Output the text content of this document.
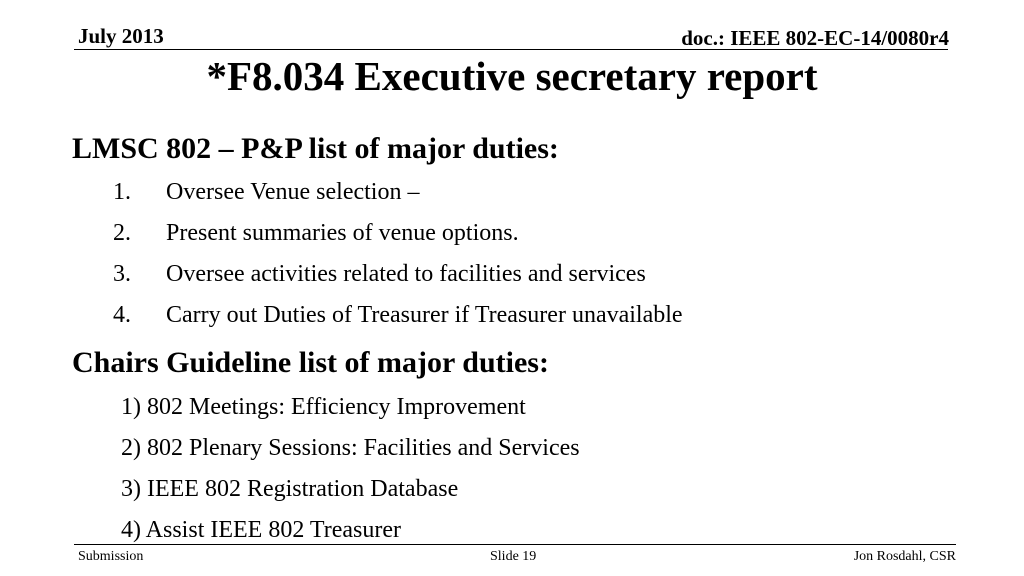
July 2013	doc.: IEEE 802-EC-14/0080r4
*F8.034 Executive secretary report
LMSC 802 – P&P list of major duties:
1.	Oversee Venue selection –
2.	Present summaries of venue options.
3.	Oversee activities related to facilities and services
4.	Carry out Duties of Treasurer if Treasurer unavailable
Chairs Guideline list of major duties:
1) 802 Meetings: Efficiency Improvement
2) 802 Plenary Sessions: Facilities and Services
3) IEEE 802 Registration Database
4) Assist IEEE 802 Treasurer
Submission	Slide 19	Jon Rosdahl, CSR
